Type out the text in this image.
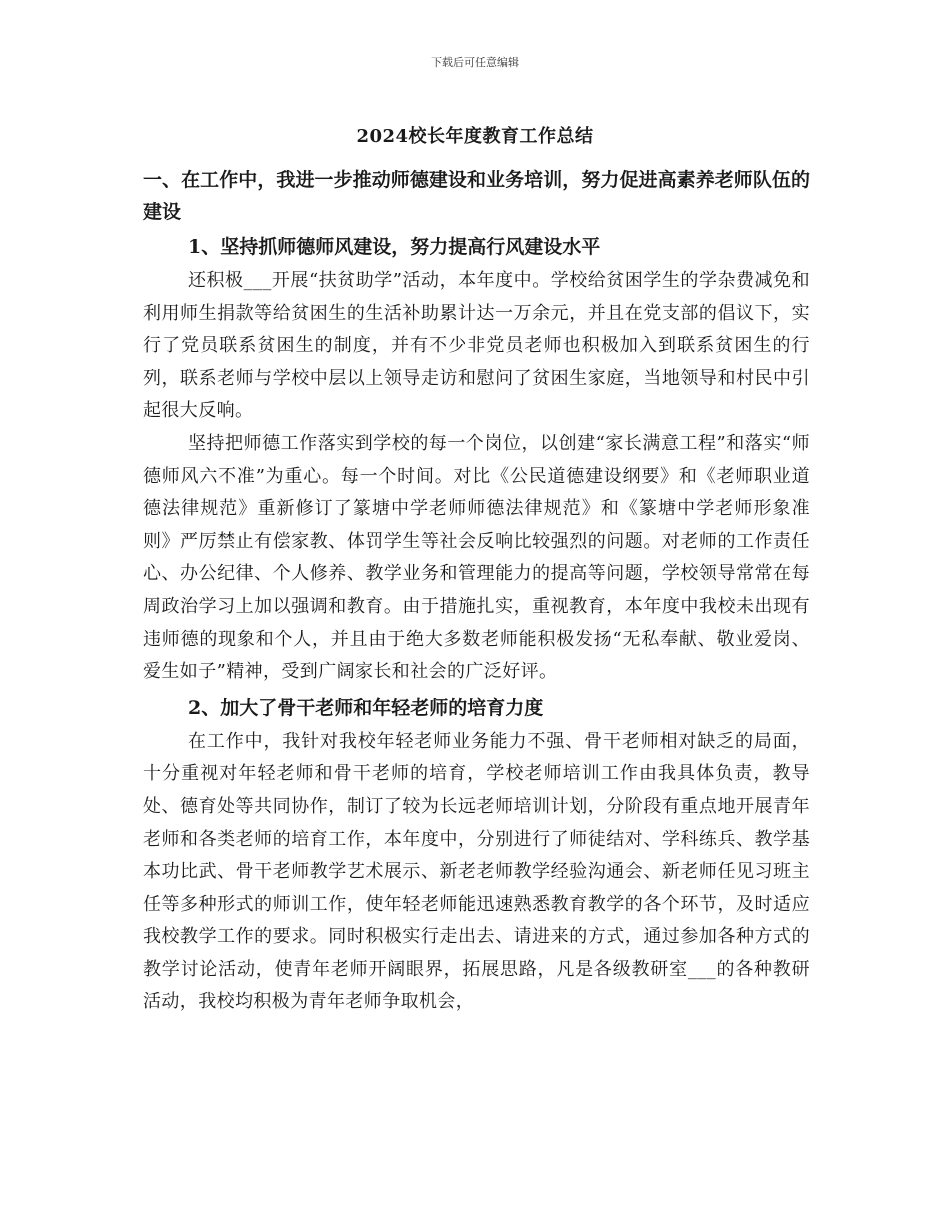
下载后可任意编辑
2024校长年度教育工作总结

一、在工作中，我进一步推动师德建设和业务培训，努力促进高素养老师队伍的建设

1、坚持抓师德师风建设，努力提高行风建设水平

还积极___开展“扶贫助学”活动，本年度中。学校给贫困学生的学杂费减免和利用师生捐款等给贫困生的生活补助累计达一万余元，并且在党支部的倡议下，实行了党员联系贫困生的制度，并有不少非党员老师也积极加入到联系贫困生的行列，联系老师与学校中层以上领导走访和慰问了贫困生家庭，当地领导和村民中引起很大反响。

坚持把师德工作落实到学校的每一个岗位，以创建“家长满意工程”和落实“师德师风六不准”为重心。每一个时间。对比《公民道德建设纲要》和《老师职业道德法律规范》重新修订了篆塘中学老师师德法律规范》和《篆塘中学老师形象准则》严厉禁止有偿家教、体罚学生等社会反响比较强烈的问题。对老师的工作责任心、办公纪律、个人修养、教学业务和管理能力的提高等问题，学校领导常常在每周政治学习上加以强调和教育。由于措施扎实，重视教育，本年度中我校未出现有违师德的现象和个人，并且由于绝大多数老师能积极发扬“无私奉献、敬业爱岗、爱生如子”精神，受到广阔家长和社会的广泛好评。

2、加大了骨干老师和年轻老师的培育力度

在工作中，我针对我校年轻老师业务能力不强、骨干老师相对缺乏的局面，十分重视对年轻老师和骨干老师的培育，学校老师培训工作由我具体负责，教导处、德育处等共同协作，制订了较为长远老师培训计划，分阶段有重点地开展青年老师和各类老师的培育工作，本年度中，分别进行了师徒结对、学科练兵、教学基本功比武、骨干老师教学艺术展示、新老老师教学经验沟通会、新老师任见习班主任等多种形式的师训工作，使年轻老师能迅速熟悉教育教学的各个环节，及时适应我校教学工作的要求。同时积极实行走出去、请进来的方式，通过参加各种方式的教学讨论活动，使青年老师开阔眼界，拓展思路，凡是各级教研室___的各种教研活动，我校均积极为青年老师争取机会，
